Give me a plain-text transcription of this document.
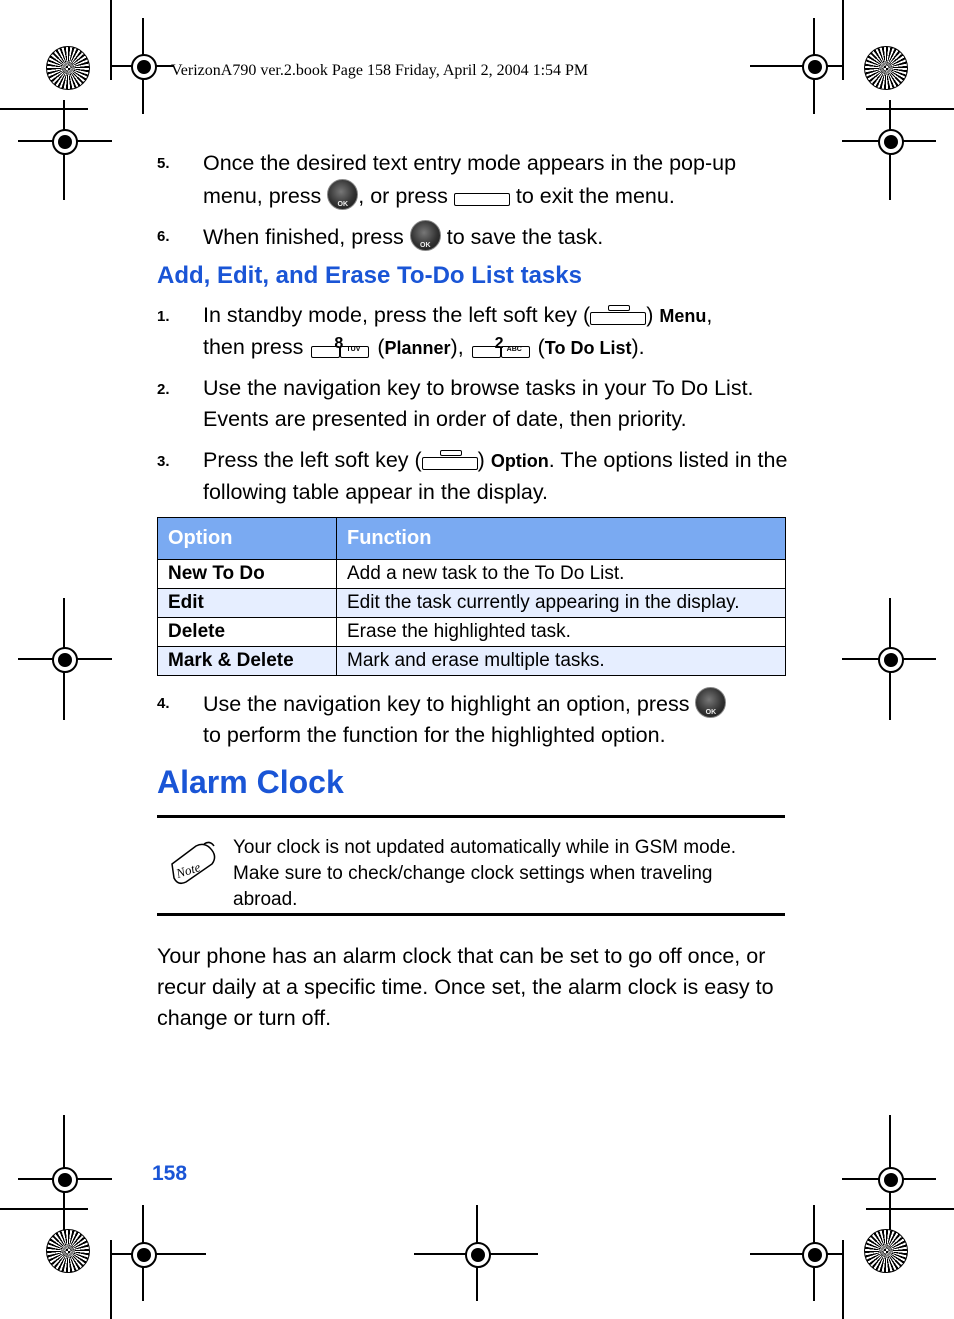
VerizonA790 ver.2.book Page 158 Friday, April 2, 2004 1:54 PM
5. Once the desired text entry mode appears in the pop-up menu, press OK, or press	to exit the menu.
6. When finished, press OK to save the task.
Add, Edit, and Erase To-Do List tasks
1. In standby mode, press the left soft key (	) Menu,
then press 8 TUV (Planner), 2 ABC (To Do List).
2. Use the navigation key to browse tasks in your To Do List. Events are presented in order of date, then priority.
3. Press the left soft key (	) Option. The options listed in the following table appear in the display.
Option	Function
New To Do	Add a new task to the To Do List.
Edit	Edit the task currently appearing in the display.
Delete	Erase the highlighted task.
Mark & Delete	Mark and erase multiple tasks.
4. Use the navigation key to highlight an option, press OK
to perform the function for the highlighted option.
Alarm Clock
Note
Your clock is not updated automatically while in GSM mode. Make sure to check/change clock settings when traveling abroad.
Your phone has an alarm clock that can be set to go off once, or recur daily at a specific time. Once set, the alarm clock is easy to change or turn off.
158
